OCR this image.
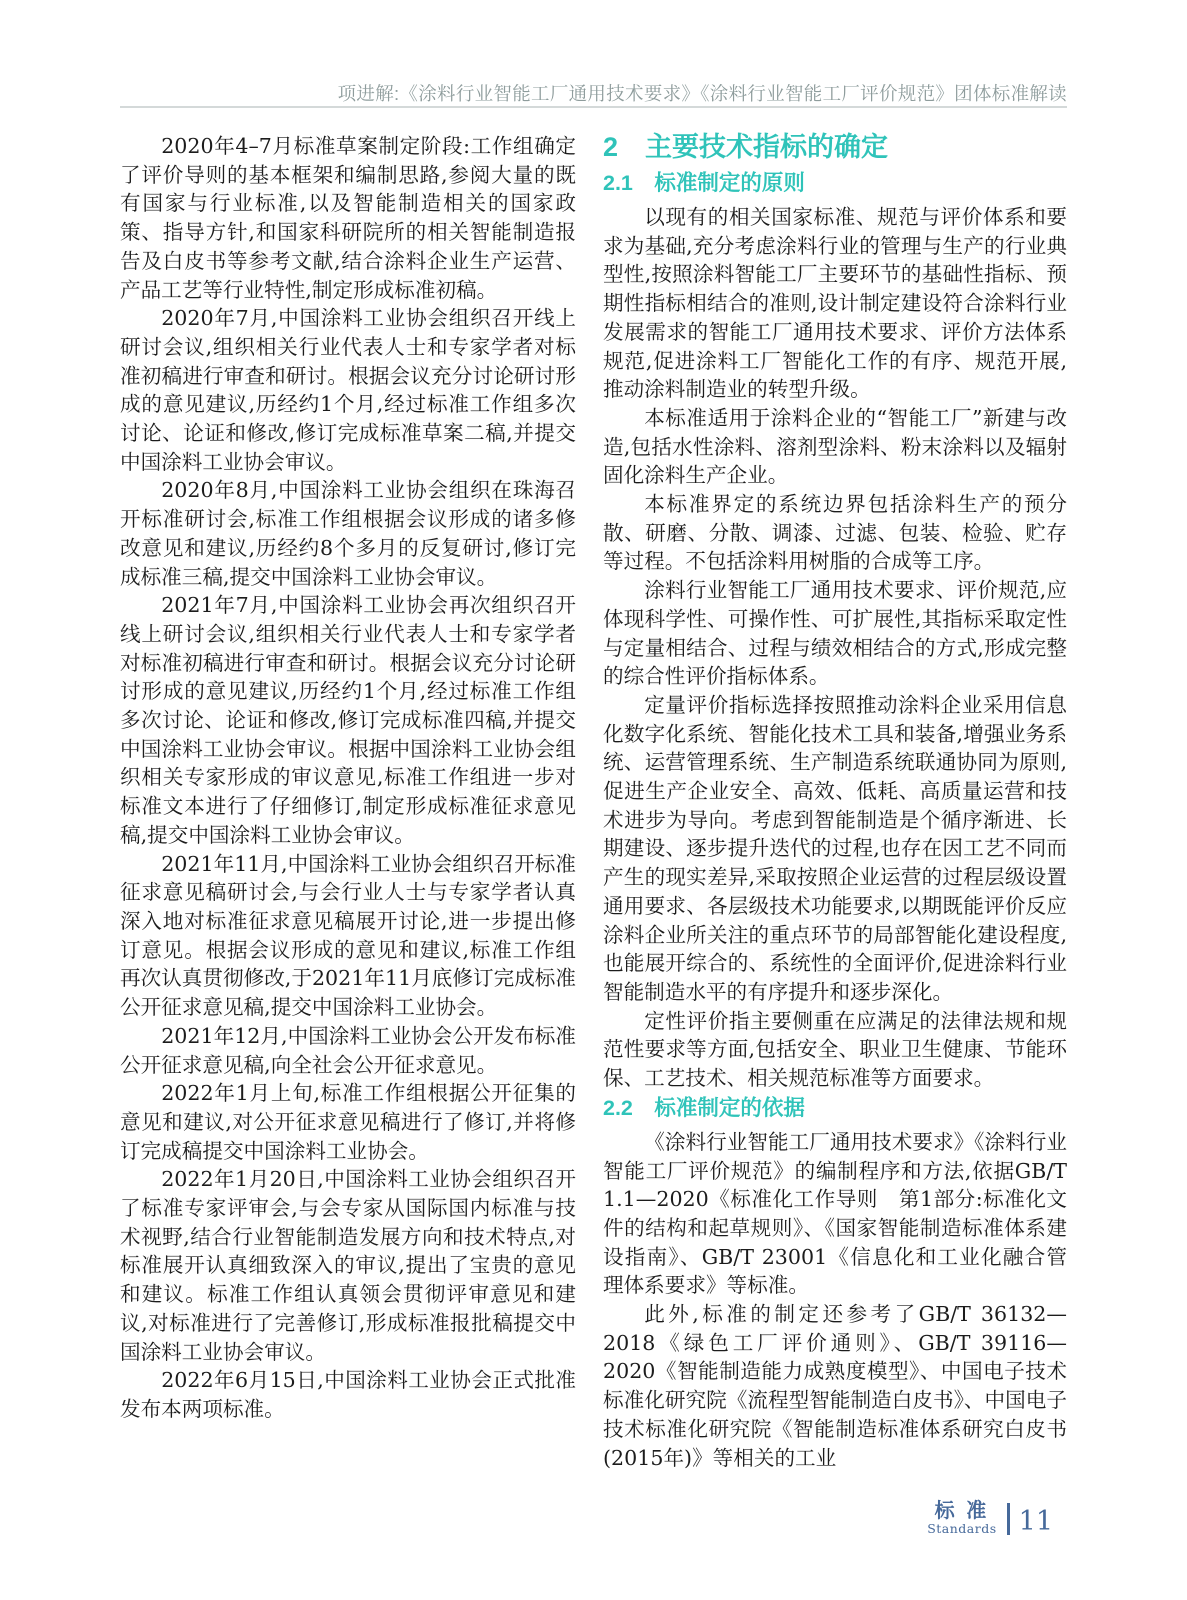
项进解:《涂料行业智能工厂通用技术要求》《涂料行业智能工厂评价规范》团体标准解读

2020年4–7月标准草案制定阶段:工作组确定了评价导则的基本框架和编制思路,参阅大量的既有国家与行业标准,以及智能制造相关的国家政策、指导方针,和国家科研院所的相关智能制造报告及白皮书等参考文献,结合涂料企业生产运营、产品工艺等行业特性,制定形成标准初稿。

2020年7月,中国涂料工业协会组织召开线上研讨会议,组织相关行业代表人士和专家学者对标准初稿进行审查和研讨。根据会议充分讨论研讨形成的意见建议,历经约1个月,经过标准工作组多次讨论、论证和修改,修订完成标准草案二稿,并提交中国涂料工业协会审议。

2020年8月,中国涂料工业协会组织在珠海召开标准研讨会,标准工作组根据会议形成的诸多修改意见和建议,历经约8个多月的反复研讨,修订完成标准三稿,提交中国涂料工业协会审议。

2021年7月,中国涂料工业协会再次组织召开线上研讨会议,组织相关行业代表人士和专家学者对标准初稿进行审查和研讨。根据会议充分讨论研讨形成的意见建议,历经约1个月,经过标准工作组多次讨论、论证和修改,修订完成标准四稿,并提交中国涂料工业协会审议。根据中国涂料工业协会组织相关专家形成的审议意见,标准工作组进一步对标准文本进行了仔细修订,制定形成标准征求意见稿,提交中国涂料工业协会审议。

2021年11月,中国涂料工业协会组织召开标准征求意见稿研讨会,与会行业人士与专家学者认真深入地对标准征求意见稿展开讨论,进一步提出修订意见。根据会议形成的意见和建议,标准工作组再次认真贯彻修改,于2021年11月底修订完成标准公开征求意见稿,提交中国涂料工业协会。

2021年12月,中国涂料工业协会公开发布标准公开征求意见稿,向全社会公开征求意见。

2022年1月上旬,标准工作组根据公开征集的意见和建议,对公开征求意见稿进行了修订,并将修订完成稿提交中国涂料工业协会。

2022年1月20日,中国涂料工业协会组织召开了标准专家评审会,与会专家从国际国内标准与技术视野,结合行业智能制造发展方向和技术特点,对标准展开认真细致深入的审议,提出了宝贵的意见和建议。标准工作组认真领会贯彻评审意见和建议,对标准进行了完善修订,形成标准报批稿提交中国涂料工业协会审议。

2022年6月15日,中国涂料工业协会正式批准发布本两项标准。

2　主要技术指标的确定
2.1　标准制定的原则

以现有的相关国家标准、规范与评价体系和要求为基础,充分考虑涂料行业的管理与生产的行业典型性,按照涂料智能工厂主要环节的基础性指标、预期性指标相结合的准则,设计制定建设符合涂料行业发展需求的智能工厂通用技术要求、评价方法体系规范,促进涂料工厂智能化工作的有序、规范开展,推动涂料制造业的转型升级。

本标准适用于涂料企业的“智能工厂”新建与改造,包括水性涂料、溶剂型涂料、粉末涂料以及辐射固化涂料生产企业。

本标准界定的系统边界包括涂料生产的预分散、研磨、分散、调漆、过滤、包装、检验、贮存等过程。不包括涂料用树脂的合成等工序。

涂料行业智能工厂通用技术要求、评价规范,应体现科学性、可操作性、可扩展性,其指标采取定性与定量相结合、过程与绩效相结合的方式,形成完整的综合性评价指标体系。

定量评价指标选择按照推动涂料企业采用信息化数字化系统、智能化技术工具和装备,增强业务系统、运营管理系统、生产制造系统联通协同为原则,促进生产企业安全、高效、低耗、高质量运营和技术进步为导向。考虑到智能制造是个循序渐进、长期建设、逐步提升迭代的过程,也存在因工艺不同而产生的现实差异,采取按照企业运营的过程层级设置通用要求、各层级技术功能要求,以期既能评价反应涂料企业所关注的重点环节的局部智能化建设程度,也能展开综合的、系统性的全面评价,促进涂料行业智能制造水平的有序提升和逐步深化。

定性评价指主要侧重在应满足的法律法规和规范性要求等方面,包括安全、职业卫生健康、节能环保、工艺技术、相关规范标准等方面要求。

2.2　标准制定的依据

《涂料行业智能工厂通用技术要求》《涂料行业智能工厂评价规范》的编制程序和方法,依据GB/T 1.1—2020《标准化工作导则　第1部分:标准化文件的结构和起草规则》、《国家智能制造标准体系建设指南》、GB/T 23001《信息化和工业化融合管理体系要求》等标准。

此外,标准的制定还参考了GB/T 36132—2018《绿色工厂评价通则》、GB/T 39116—2020《智能制造能力成熟度模型》、中国电子技术标准化研究院《流程型智能制造白皮书》、中国电子技术标准化研究院《智能制造标准体系研究白皮书(2015年)》等相关的工业

标 准
Standards 11
